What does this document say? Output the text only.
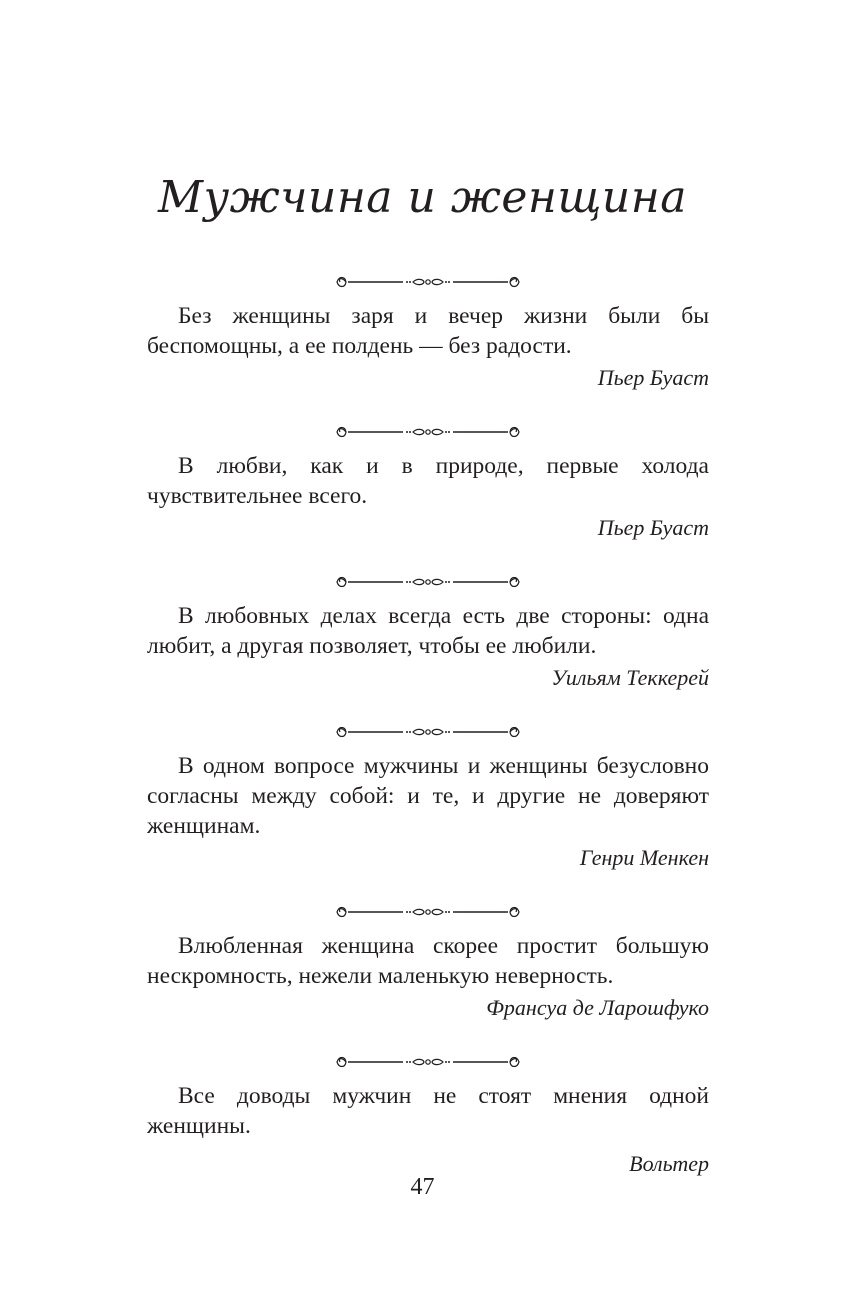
Мужчина и женщина

Без женщины заря и вечер жизни были бы беспомощны, а ее полдень — без радости.

Пьер Буаст

В любви, как и в природе, первые холода чувствительнее всего.

Пьер Буаст

В любовных делах всегда есть две стороны: одна любит, а другая позволяет, чтобы ее любили.

Уильям Теккерей

В одном вопросе мужчины и женщины безусловно согласны между собой: и те, и другие не доверяют женщинам.

Генри Менкен

Влюбленная женщина скорее простит большую нескромность, нежели маленькую неверность.

Франсуа де Ларошфуко

Все доводы мужчин не стоят мнения одной женщины.

Вольтер

47
